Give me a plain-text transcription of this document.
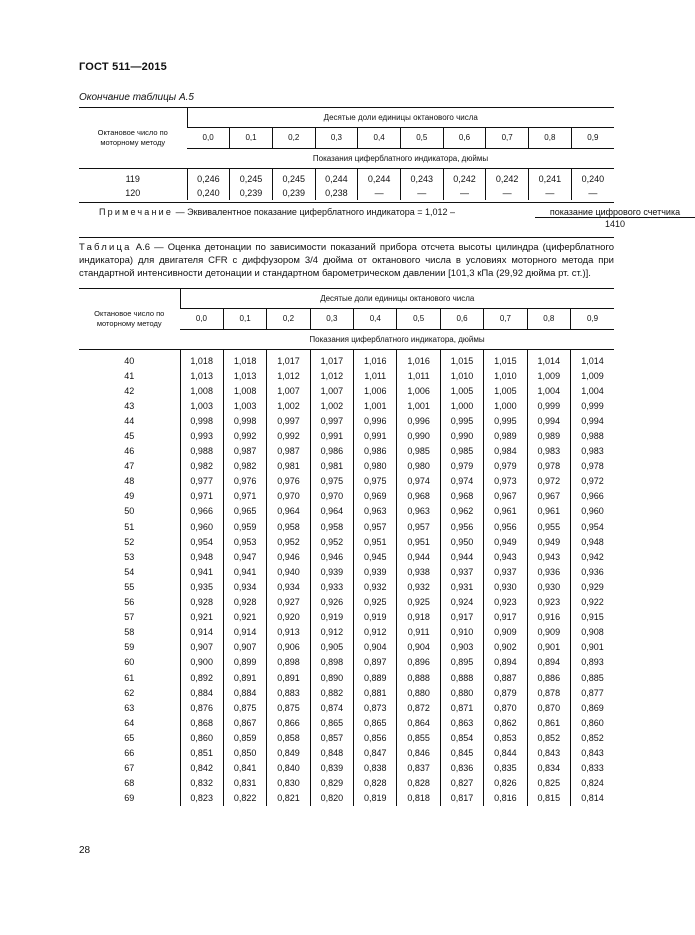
ГОСТ 511—2015
Окончание таблицы А.5
Октановое число по моторному методу	Десятые доли единицы октанового числа									
	0,0	0,1	0,2	0,3	0,4	0,5	0,6	0,7	0,8	0,9
	Показания циферблатного индикатора, дюймы									
119	0,246	0,245	0,245	0,244	0,244	0,243	0,242	0,242	0,241	0,240
120	0,240	0,239	0,239	0,238	—	—	—	—	—	—
Примечание — Эквивалентное показание циферблатного индикатора = 1,012 –	показание цифрового счетчика
1410
Таблица А.6 — Оценка детонации по зависимости показаний прибора отсчета высоты цилиндра (циферблатного индикатора) для двигателя CFR с диффузором 3/4 дюйма от октанового числа в условиях моторного метода при стандартной интенсивности детонации и стандартном барометрическом давлении [101,3 кПа (29,92 дюйма рт. ст.)].
Октановое число по моторному методу	Десятые доли единицы октанового числа									
	0,0	0,1	0,2	0,3	0,4	0,5	0,6	0,7	0,8	0,9
	Показания циферблатного индикатора, дюймы									
40	1,018	1,018	1,017	1,017	1,016	1,016	1,015	1,015	1,014	1,014
41	1,013	1,013	1,012	1,012	1,011	1,011	1,010	1,010	1,009	1,009
42	1,008	1,008	1,007	1,007	1,006	1,006	1,005	1,005	1,004	1,004
43	1,003	1,003	1,002	1,002	1,001	1,001	1,000	1,000	0,999	0,999
44	0,998	0,998	0,997	0,997	0,996	0,996	0,995	0,995	0,994	0,994
45	0,993	0,992	0,992	0,991	0,991	0,990	0,990	0,989	0,989	0,988
46	0,988	0,987	0,987	0,986	0,986	0,985	0,985	0,984	0,983	0,983
47	0,982	0,982	0,981	0,981	0,980	0,980	0,979	0,979	0,978	0,978
48	0,977	0,976	0,976	0,975	0,975	0,974	0,974	0,973	0,972	0,972
49	0,971	0,971	0,970	0,970	0,969	0,968	0,968	0,967	0,967	0,966
50	0,966	0,965	0,964	0,964	0,963	0,963	0,962	0,961	0,961	0,960
51	0,960	0,959	0,958	0,958	0,957	0,957	0,956	0,956	0,955	0,954
52	0,954	0,953	0,952	0,952	0,951	0,951	0,950	0,949	0,949	0,948
53	0,948	0,947	0,946	0,946	0,945	0,944	0,944	0,943	0,943	0,942
54	0,941	0,941	0,940	0,939	0,939	0,938	0,937	0,937	0,936	0,936
55	0,935	0,934	0,934	0,933	0,932	0,932	0,931	0,930	0,930	0,929
56	0,928	0,928	0,927	0,926	0,925	0,925	0,924	0,923	0,923	0,922
57	0,921	0,921	0,920	0,919	0,919	0,918	0,917	0,917	0,916	0,915
58	0,914	0,914	0,913	0,912	0,912	0,911	0,910	0,909	0,909	0,908
59	0,907	0,907	0,906	0,905	0,904	0,904	0,903	0,902	0,901	0,901
60	0,900	0,899	0,898	0,898	0,897	0,896	0,895	0,894	0,894	0,893
61	0,892	0,891	0,891	0,890	0,889	0,888	0,888	0,887	0,886	0,885
62	0,884	0,884	0,883	0,882	0,881	0,880	0,880	0,879	0,878	0,877
63	0,876	0,875	0,875	0,874	0,873	0,872	0,871	0,870	0,870	0,869
64	0,868	0,867	0,866	0,865	0,865	0,864	0,863	0,862	0,861	0,860
65	0,860	0,859	0,858	0,857	0,856	0,855	0,854	0,853	0,852	0,852
66	0,851	0,850	0,849	0,848	0,847	0,846	0,845	0,844	0,843	0,843
67	0,842	0,841	0,840	0,839	0,838	0,837	0,836	0,835	0,834	0,833
68	0,832	0,831	0,830	0,829	0,828	0,828	0,827	0,826	0,825	0,824
69	0,823	0,822	0,821	0,820	0,819	0,818	0,817	0,816	0,815	0,814
28
